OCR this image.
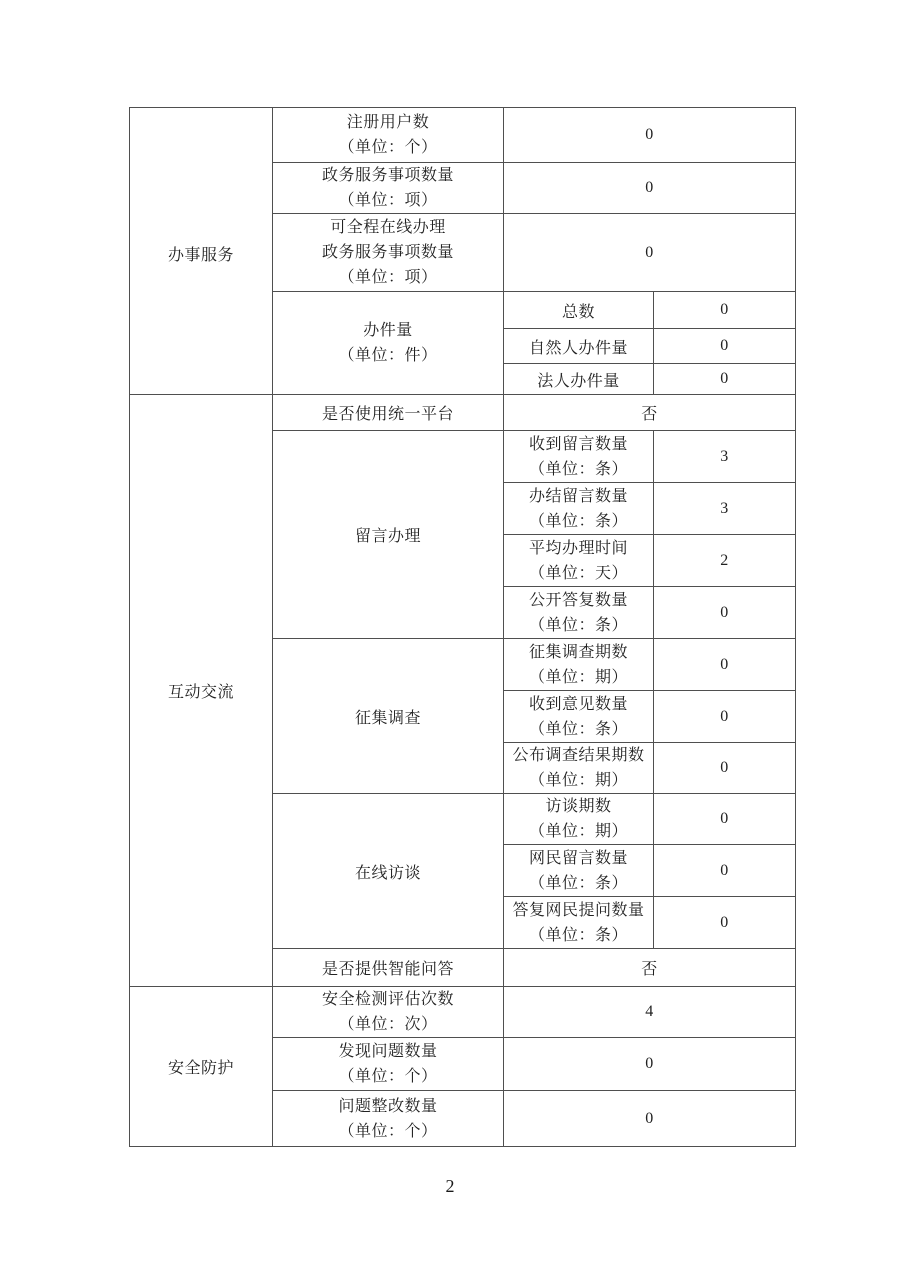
办事服务	注册用户数
（单位：个）	0	

	政务服务事项数量
（单位：项）	0	

	可全程在线办理
政务服务事项数量
（单位：项）	0	

	办件量
（单位：件）	总数	0
		自然人办件量	0
		法人办件量	0
互动交流	是否使用统一平台	否	
	留言办理	收到留言数量
（单位：条）	3

		办结留言数量
（单位：条）	3

		平均办理时间
（单位：天）	2

		公开答复数量
（单位：条）	0
	征集调查	征集调查期数
（单位：期）	0

		收到意见数量
（单位：条）	0

		公布调查结果期数
（单位：期）	0
	在线访谈	访谈期数
（单位：期）	0

		网民留言数量
（单位：条）	0

		答复网民提问数量
（单位：条）	0
	是否提供智能问答	否	
安全防护	安全检测评估次数
（单位：次）	4	

	发现问题数量
（单位：个）	0	

	问题整改数量
（单位：个）	0	
2
